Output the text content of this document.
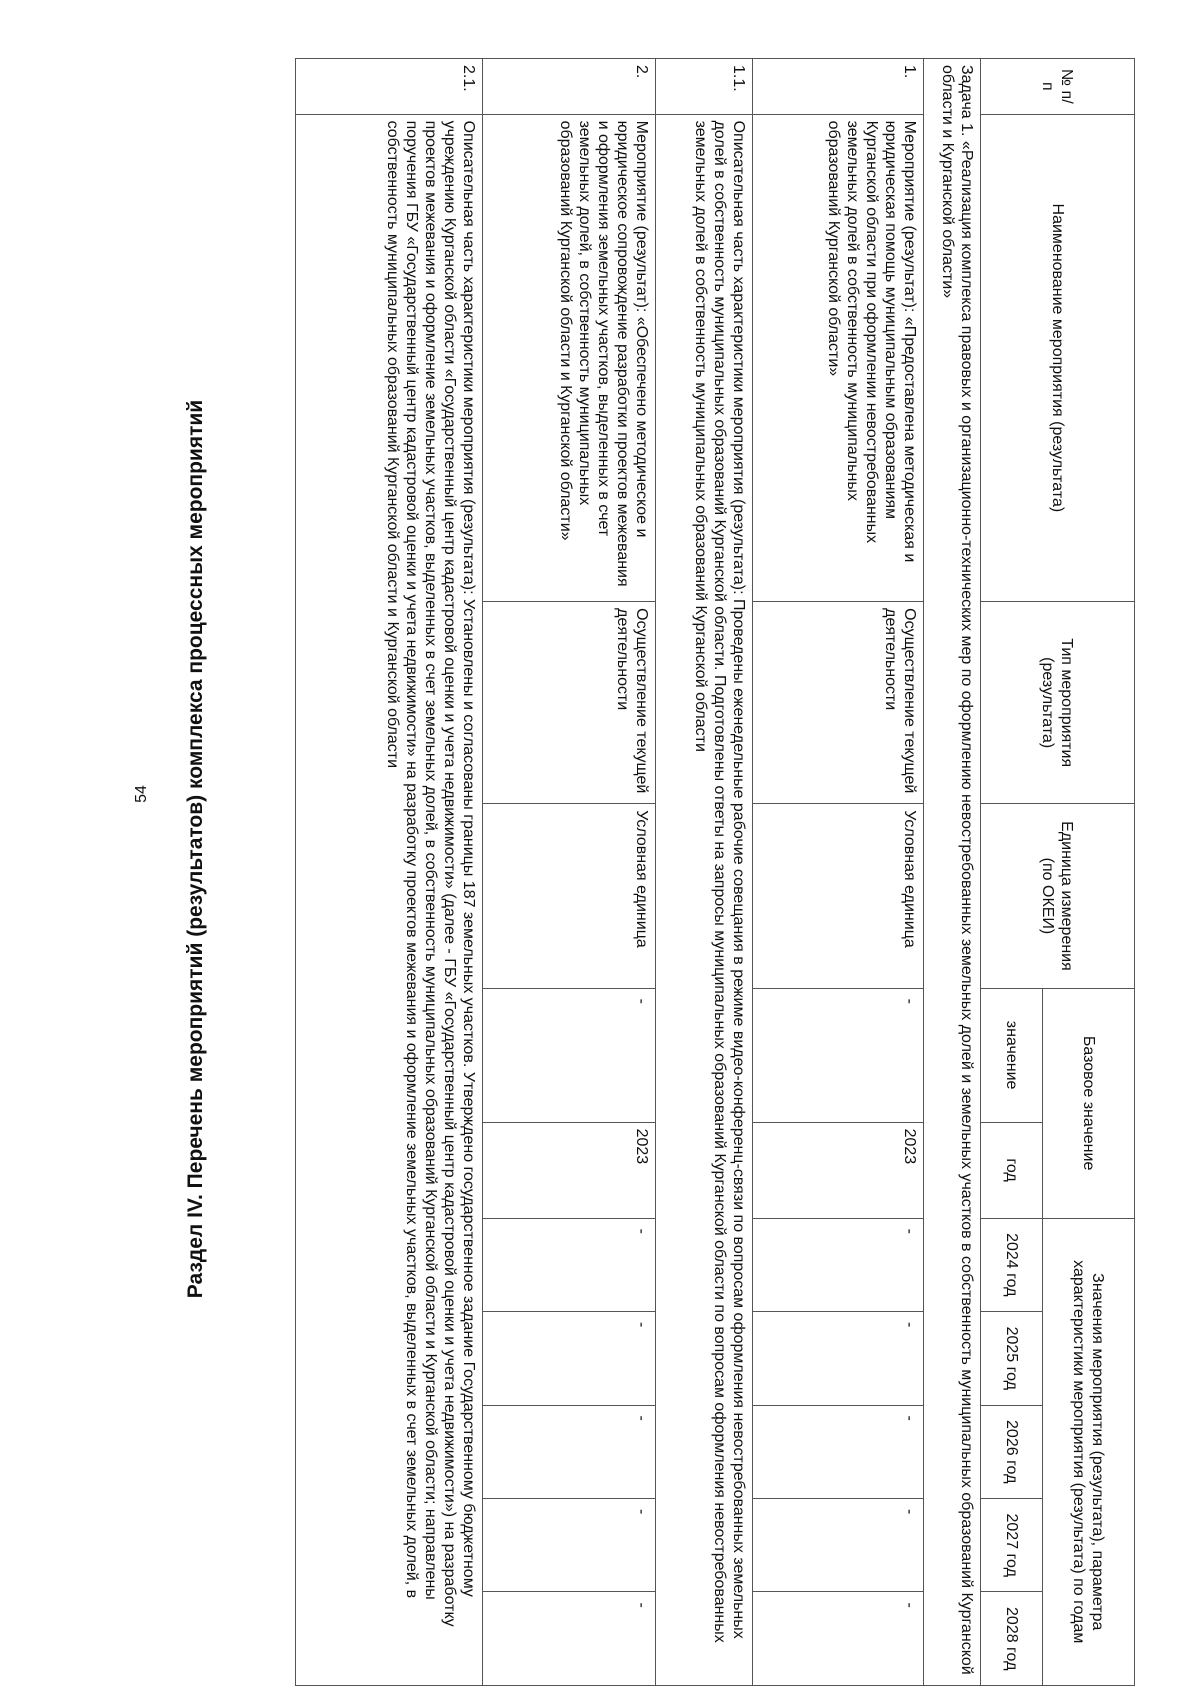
54 Раздел IV. Перечень мероприятий (результатов) комплекса процессных мероприятий
№ п/п	Наименование мероприятия (результата)	Тип мероприятия (результата)	Единица измерения (по ОКЕИ)	Базовое значение		Значения мероприятия (результата), параметра характеристики мероприятия (результата) по годам				
				значение	год	2024 год	2025 год	2026 год	2027 год	2028 год
Задача 1. «Реализация комплекса правовых и организационно-технических мер по оформлению невостребованных земельных долей и земельных участков в собственность муниципальных образований Курганской области и Курганской области»										
1.	Мероприятие (результат): «Предоставлена методическая и юридическая помощь муниципальным образованиям Курганской области при оформлении невостребованных земельных долей в собственность муниципальных образований Курганской области»	Осуществление текущей деятельности	Условная единица	-	2023	-	-	-	-	-
1.1.	Описательная часть характеристики мероприятия (результата): Проведены еженедельные рабочие совещания в режиме видео-конференц-связи по вопросам оформления невостребованных земельных долей в собственность муниципальных образований Курганской области. Подготовлены ответы на запросы муниципальных образований Курганской области по вопросам оформления невостребованных земельных долей в собственность муниципальных образований Курганской области									
2.	Мероприятие (результат): «Обеспечено методическое и юридическое сопровождение разработки проектов межевания и оформления земельных участков, выделенных в счет земельных долей, в собственность муниципальных образований Курганской области и Курганской области»	Осуществление текущей деятельности	Условная единица	-	2023	-	-	-	-	-
2.1.	Описательная часть характеристики мероприятия (результата): Установлены и согласованы границы 187 земельных участков. Утверждено государственное задание Государственному бюджетному учреждению Курганской области «Государственный центр кадастровой оценки и учета недвижимости» (далее - ГБУ «Государственный центр кадастровой оценки и учета недвижимости») на разработку проектов межевания и оформление земельных участков, выделенных в счет земельных долей, в собственность муниципальных образований Курганской области и Курганской области; направлены поручения ГБУ «Государственный центр кадастровой оценки и учета недвижимости» на разработку проектов межевания и оформление земельных участков, выделенных в счет земельных долей, в собственность муниципальных образований Курганской области и Курганской области									
